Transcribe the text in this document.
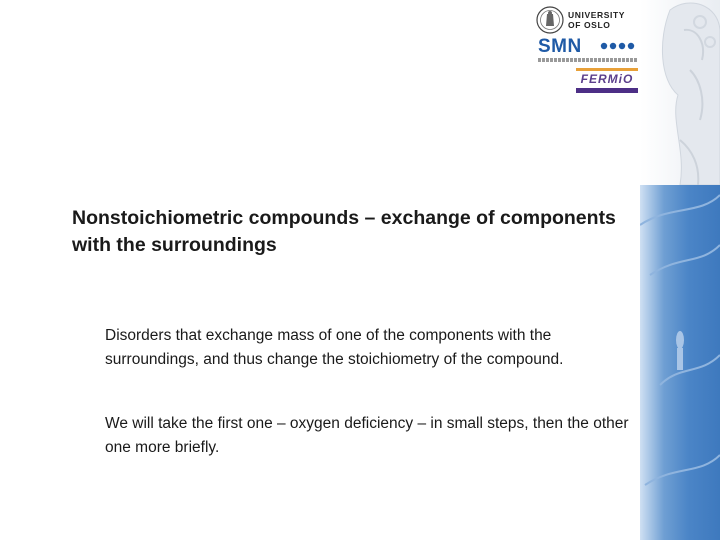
UNIVERSITY
OF OSLO
SMN
FERMiO
Nonstoichiometric compounds – exchange of components with the surroundings

Disorders that exchange mass of one of the components with the surroundings, and thus change the stoichiometry of the compound.

We will take the first one – oxygen deficiency – in small steps, then the other one more briefly.
